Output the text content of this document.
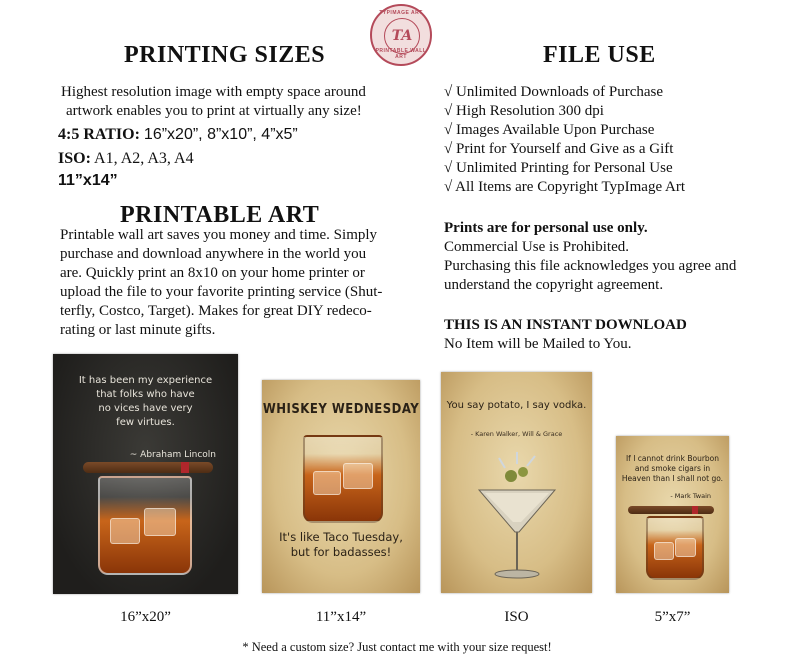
TYPIMAGE ART
TA
PRINTABLE WALL ART
PRINTING SIZES
Highest resolution image with empty space around
artwork enables you to print at virtually any size!
4:5 RATIO: 16”x20”, 8”x10”, 4”x5”
ISO: A1, A2, A3, A4
11”x14”
PRINTABLE ART
Printable wall art saves you money and time. Simply
purchase and download anywhere in the world you
are. Quickly print an 8x10 on your home printer or
upload the file to your favorite printing service (Shut-
terfly, Costco, Target). Makes for great DIY redeco-
rating or last minute gifts.
FILE USE
√ Unlimited Downloads of Purchase
√ High Resolution 300 dpi
√ Images Available Upon Purchase
√ Print for Yourself and Give as a Gift
√ Unlimited Printing for Personal Use
√ All Items are Copyright TypImage Art
Prints are for personal use only.
Commercial Use is Prohibited.
Purchasing this file acknowledges you agree and
understand the copyright agreement.
THIS IS AN INSTANT DOWNLOAD
No Item will be Mailed to You.
It has been my experience
that folks who have
no vices have very
few virtues.
~ Abraham Lincoln
16”x20”
WHISKEY WEDNESDAY
It's like Taco Tuesday,
but for badasses!
11”x14”
You say potato, I say vodka.
- Karen Walker, Will & Grace
ISO
If I cannot drink Bourbon
and smoke cigars in
Heaven than I shall not go.
- Mark Twain
5”x7”
* Need a custom size? Just contact me with your size request!
